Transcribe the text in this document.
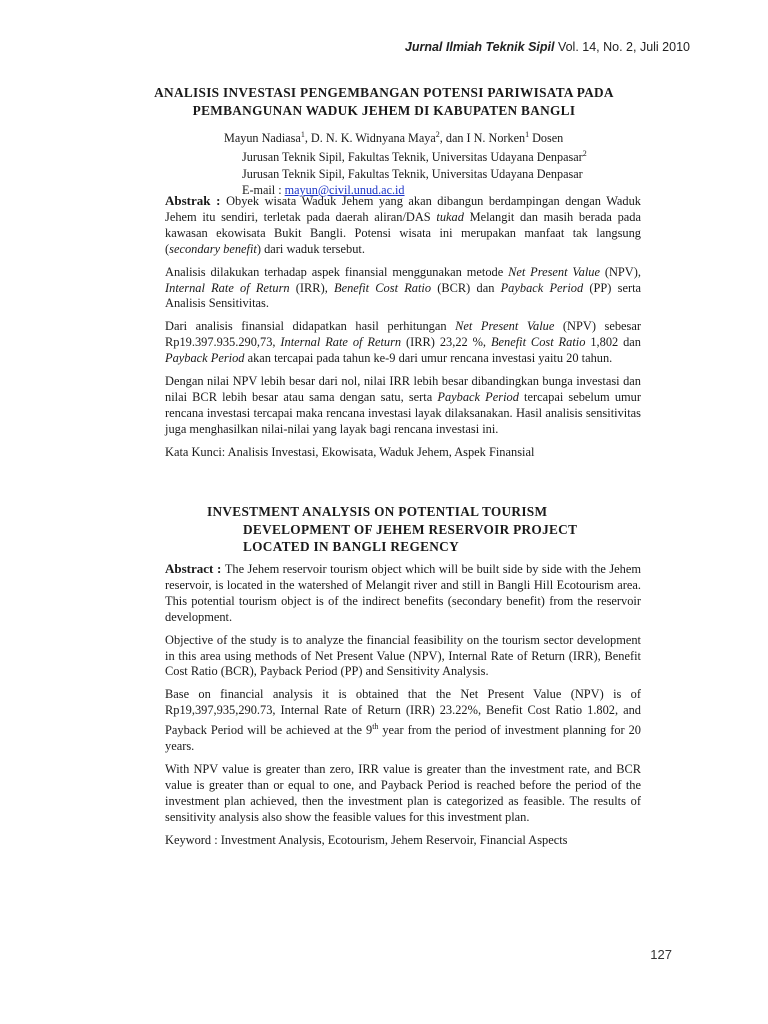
Jurnal Ilmiah Teknik Sipil Vol. 14, No. 2, Juli 2010
ANALISIS INVESTASI PENGEMBANGAN POTENSI PARIWISATA PADA
PEMBANGUNAN WADUK JEHEM DI KABUPATEN BANGLI
Mayun Nadiasa$^1$, D. N. K. Widnyana Maya$^2$, dan I N. Norken$^1$ Dosen
Jurusan Teknik Sipil, Fakultas Teknik, Universitas Udayana Denpasar$^2$
Jurusan Teknik Sipil, Fakultas Teknik, Universitas Udayana Denpasar
E-mail : mayun@civil.unud.ac.id

Abstrak : Obyek wisata Waduk Jehem yang akan dibangun berdampingan dengan Waduk Jehem itu sendiri, terletak pada daerah aliran/DAS tukad Melangit dan masih berada pada kawasan ekowisata Bukit Bangli. Potensi wisata ini merupakan manfaat tak langsung (secondary benefit) dari waduk tersebut.

Analisis dilakukan terhadap aspek finansial menggunakan metode Net Present Value (NPV), Internal Rate of Return (IRR), Benefit Cost Ratio (BCR) dan Payback Period (PP) serta Analisis Sensitivitas.

Dari analisis finansial didapatkan hasil perhitungan Net Present Value (NPV) sebesar Rp19.397.935.290,73, Internal Rate of Return (IRR) 23,22 %, Benefit Cost Ratio 1,802 dan Payback Period akan tercapai pada tahun ke-9 dari umur rencana investasi yaitu 20 tahun.

Dengan nilai NPV lebih besar dari nol, nilai IRR lebih besar dibandingkan bunga investasi dan nilai BCR lebih besar atau sama dengan satu, serta Payback Period tercapai sebelum umur rencana investasi tercapai maka rencana investasi layak dilaksanakan. Hasil analisis sensitivitas juga menghasilkan nilai-nilai yang layak bagi rencana investasi ini.

Kata Kunci: Analisis Investasi, Ekowisata, Waduk Jehem, Aspek Finansial

INVESTMENT ANALYSIS ON POTENTIAL TOURISM
DEVELOPMENT OF JEHEM RESERVOIR PROJECT
LOCATED IN BANGLI REGENCY

Abstract : The Jehem reservoir tourism object which will be built side by side with the Jehem reservoir, is located in the watershed of Melangit river and still in Bangli Hill Ecotourism area. This potential tourism object is of the indirect benefits (secondary benefit) from the reservoir development.

Objective of the study is to analyze the financial feasibility on the tourism sector development in this area using methods of Net Present Value (NPV), Internal Rate of Return (IRR), Benefit Cost Ratio (BCR), Payback Period (PP) and Sensitivity Analysis.

Base on financial analysis it is obtained that the Net Present Value (NPV) is of Rp19,397,935,290.73, Internal Rate of Return (IRR) 23.22%, Benefit Cost Ratio 1.802, and Payback Period will be achieved at the 9th year from the period of investment planning for 20 years.

With NPV value is greater than zero, IRR value is greater than the investment rate, and BCR value is greater than or equal to one, and Payback Period is reached before the period of the investment plan achieved, then the investment plan is categorized as feasible. The results of sensitivity analysis also show the feasible values for this investment plan.

Keyword : Investment Analysis, Ecotourism, Jehem Reservoir, Financial Aspects

127
